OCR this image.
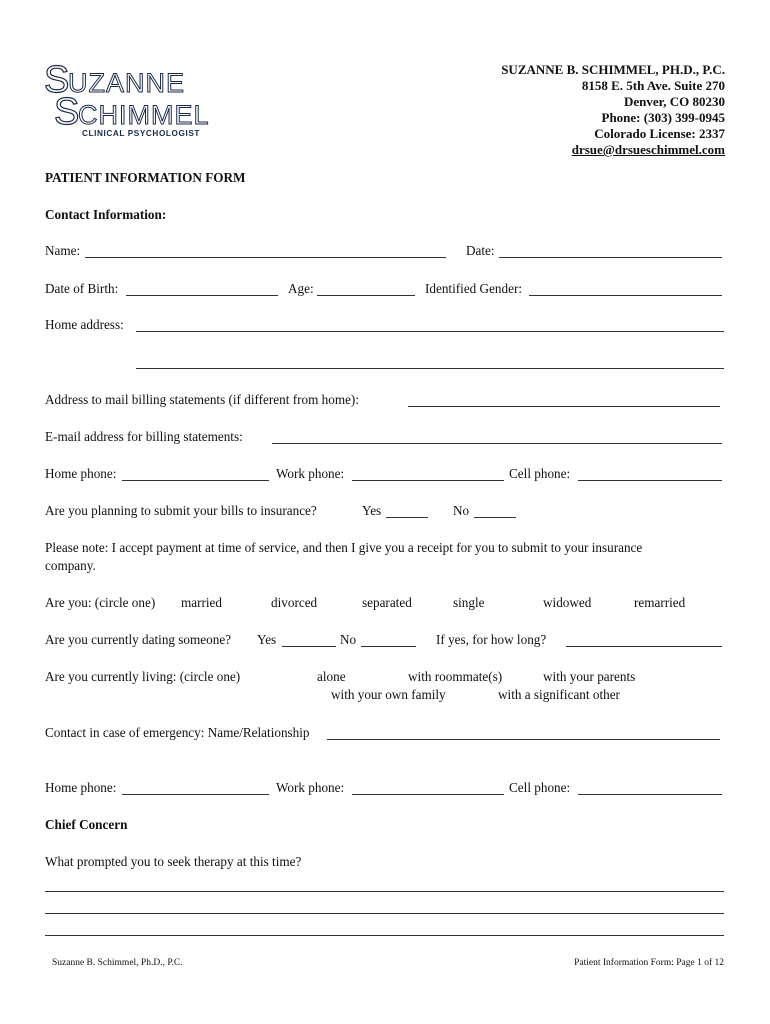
S
UZANNE
S
CHIMMEL
CLINICAL PSYCHOLOGIST
SUZANNE B. SCHIMMEL, PH.D., P.C.
8158 E. 5th Ave. Suite 270
Denver, CO 80230
Phone: (303) 399-0945
Colorado License: 2337
drsue@drsueschimmel.com
PATIENT INFORMATION FORM
Contact Information:
Name:	Date:
Date of Birth:	Age:	Identified Gender:
Home address:
Address to mail billing statements (if different from home):
E-mail address for billing statements:
Home phone:	Work phone:	Cell phone:
Are you planning to submit your bills to insurance?	Yes	No
Please note: I accept payment at time of service, and then I give you a receipt for you to submit to your insurance
company.
Are you: (circle one) married	divorced	separated	single	widowed	remarried
Are you currently dating someone? Yes	No	If yes, for how long?
Are you currently living: (circle one)	alone	with roommate(s)	with your parents
with your own family	with a significant other
Contact in case of emergency: Name/Relationship
Home phone:	Work phone:	Cell phone:
Chief Concern
What prompted you to seek therapy at this time?
Suzanne B. Schimmel, Ph.D., P.C.	Patient Information Form: Page 1 of 12
